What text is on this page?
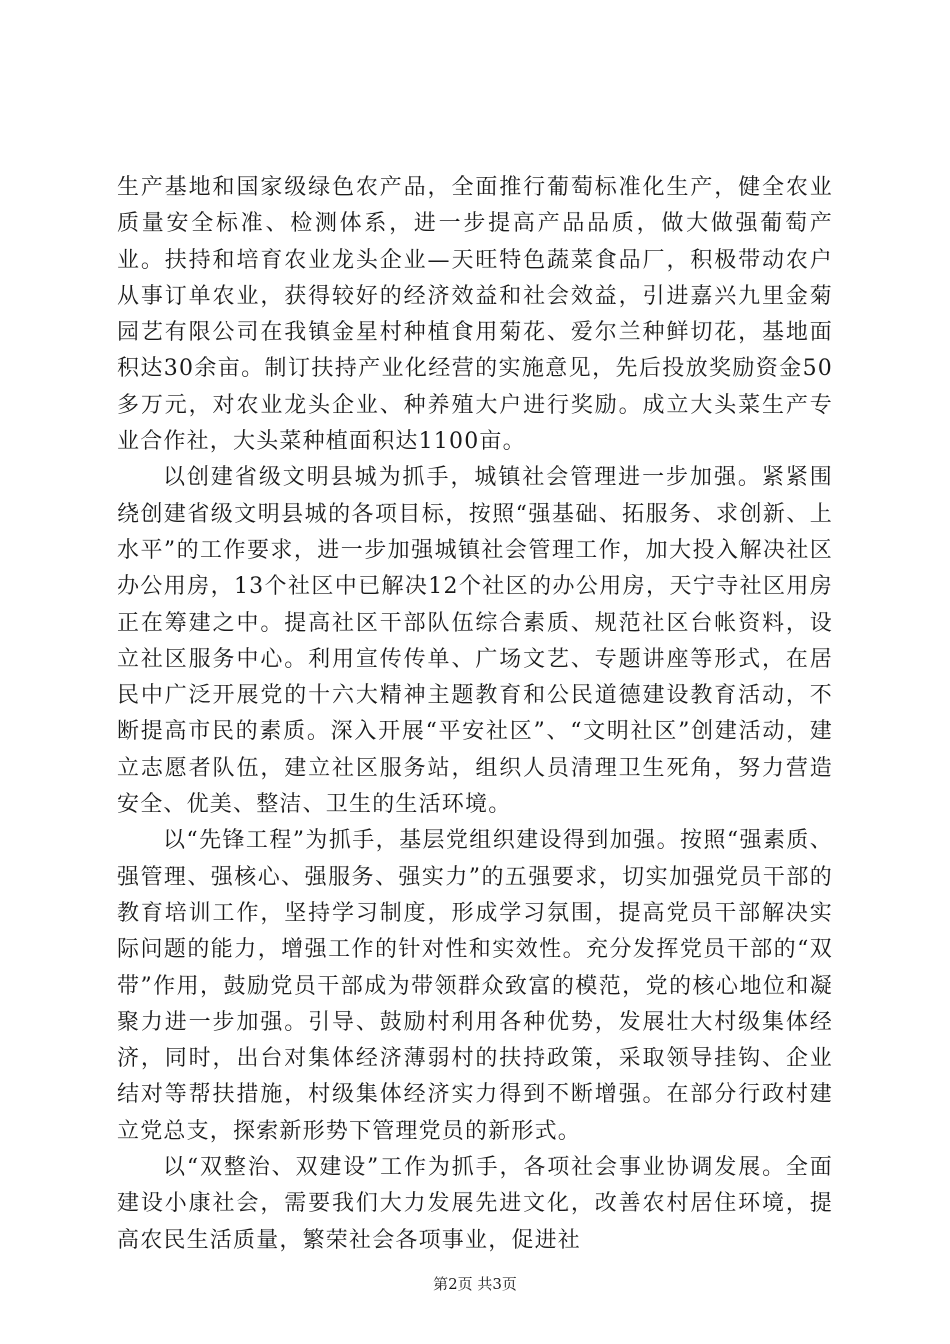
生产基地和国家级绿色农产品，全面推行葡萄标准化生产，健全农业质量安全标准、检测体系，进一步提高产品品质，做大做强葡萄产业。扶持和培育农业龙头企业—天旺特色蔬菜食品厂，积极带动农户从事订单农业，获得较好的经济效益和社会效益，引进嘉兴九里金菊园艺有限公司在我镇金星村种植食用菊花、爱尔兰种鲜切花，基地面积达30余亩。制订扶持产业化经营的实施意见，先后投放奖励资金50多万元，对农业龙头企业、种养殖大户进行奖励。成立大头菜生产专业合作社，大头菜种植面积达1100亩。

以创建省级文明县城为抓手，城镇社会管理进一步加强。紧紧围绕创建省级文明县城的各项目标，按照“强基础、拓服务、求创新、上水平”的工作要求，进一步加强城镇社会管理工作，加大投入解决社区办公用房，13个社区中已解决12个社区的办公用房，天宁寺社区用房正在筹建之中。提高社区干部队伍综合素质、规范社区台帐资料，设立社区服务中心。利用宣传传单、广场文艺、专题讲座等形式，在居民中广泛开展党的十六大精神主题教育和公民道德建设教育活动，不断提高市民的素质。深入开展“平安社区”、“文明社区”创建活动，建立志愿者队伍，建立社区服务站，组织人员清理卫生死角，努力营造安全、优美、整洁、卫生的生活环境。

以“先锋工程”为抓手，基层党组织建设得到加强。按照“强素质、强管理、强核心、强服务、强实力”的五强要求，切实加强党员干部的教育培训工作，坚持学习制度，形成学习氛围，提高党员干部解决实际问题的能力，增强工作的针对性和实效性。充分发挥党员干部的“双带”作用，鼓励党员干部成为带领群众致富的模范，党的核心地位和凝聚力进一步加强。引导、鼓励村利用各种优势，发展壮大村级集体经济，同时，出台对集体经济薄弱村的扶持政策，采取领导挂钩、企业结对等帮扶措施，村级集体经济实力得到不断增强。在部分行政村建立党总支，探索新形势下管理党员的新形式。

以“双整治、双建设”工作为抓手，各项社会事业协调发展。全面建设小康社会，需要我们大力发展先进文化，改善农村居住环境，提高农民生活质量，繁荣社会各项事业，促进社

第2页 共3页
